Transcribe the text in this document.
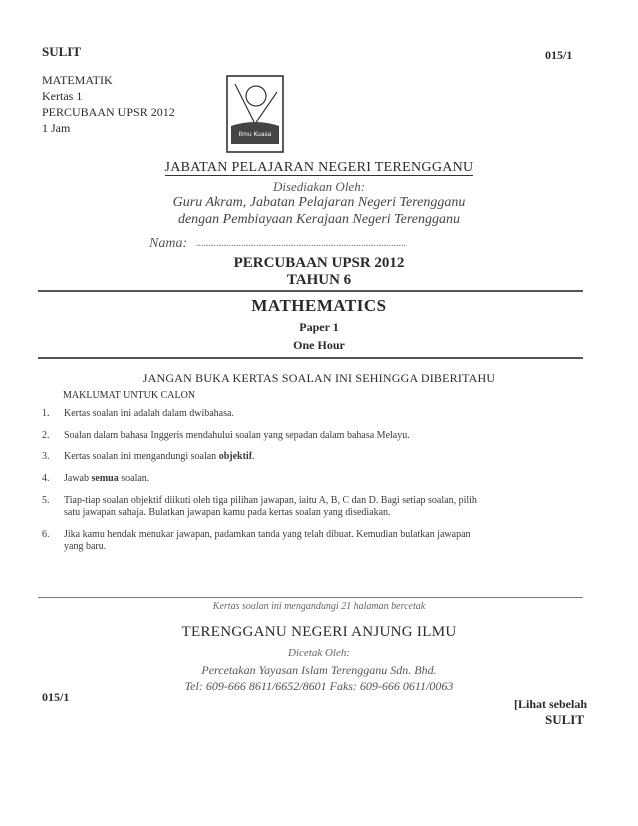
SULIT	015/1
MATEMATIK
Kertas 1
PERCUBAAN UPSR 2012
1 Jam	Ilmu Kuasa
JABATAN PELAJARAN NEGERI TERENGGANU
Disediakan Oleh:
Guru Akram, Jabatan Pelajaran Negeri Terengganu
dengan Pembiayaan Kerajaan Negeri Terengganu
Nama: ....................................................................................
PERCUBAAN UPSR 2012
TAHUN 6
MATHEMATICS
Paper 1
One Hour
JANGAN BUKA KERTAS SOALAN INI SEHINGGA DIBERITAHU
MAKLUMAT UNTUK CALON
1. Kertas soalan ini adalah dalam dwibahasa.
2. Soalan dalam bahasa Inggeris mendahului soalan yang sepadan dalam bahasa Melayu.
3. Kertas soalan ini mengandungi soalan objektif.
4. Jawab semua soalan.
5. Tiap-tiap soalan objektif diikuti oleh tiga pilihan jawapan, iaitu A, B, C dan D. Bagi setiap soalan, pilih satu jawapan sahaja. Bulatkan jawapan kamu pada kertas soalan yang disediakan.
6. Jika kamu hendak menukar jawapan, padamkan tanda yang telah dibuat. Kemudian bulatkan jawapan yang baru.
Kertas soalan ini mengandungi 21 halaman bercetak
TERENGGANU NEGERI ANJUNG ILMU
Dicetak Oleh:
Percetakan Yayasan Islam Terengganu Sdn. Bhd.
Tel: 609-666 8611/6652/8601 Faks: 609-666 0611/0063
015/1	[Lihat sebelah
SULIT
